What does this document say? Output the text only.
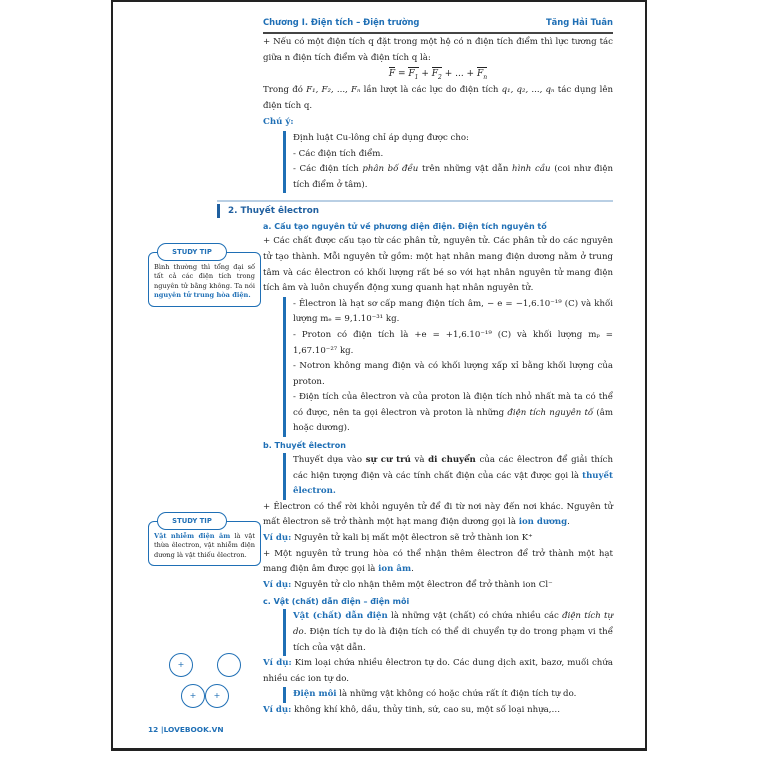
Chương I. Điện tích – Điện trường	Tăng Hải Tuân

+ Nếu có một điện tích q đặt trong một hệ có n điện tích điểm thì lực tương tác giữa n điện tích điểm và điện tích q là:

$F = F_1 + F_2$ + ... + $F_n$

Trong đó F₁, F₂, ..., Fₙ lần lượt là các lực do điện tích q₁, q₂, ..., qₙ tác dụng lên điện tích q.

Chú ý:

Định luật Cu-lông chỉ áp dụng được cho:

- Các điện tích điểm.

- Các điện tích phân bố đều trên những vật dẫn hình cầu (coi như điện tích điểm ở tâm).

2. Thuyết êlectron

a. Cấu tạo nguyên tử về phương diện điện. Điện tích nguyên tố

+ Các chất được cấu tạo từ các phân tử, nguyên tử. Các phân tử do các nguyên tử tạo thành. Mỗi nguyên tử gồm: một hạt nhân mang điện dương nằm ở trung tâm và các êlectron có khối lượng rất bé so với hạt nhân nguyên tử mang điện tích âm và luôn chuyển động xung quanh hạt nhân nguyên tử.

- Êlectron là hạt sơ cấp mang điện tích âm, − e = −1,6.10⁻¹⁹ (C) và khối lượng mₑ = 9,1.10⁻³¹ kg.

- Proton có điện tích là +e = +1,6.10⁻¹⁹ (C) và khối lượng mₚ = 1,67.10⁻²⁷ kg.

- Notron không mang điện và có khối lượng xấp xỉ bằng khối lượng của proton.

- Điện tích của êlectron và của proton là điện tích nhỏ nhất mà ta có thể có được, nên ta gọi êlectron và proton là những điện tích nguyên tố (âm hoặc dương).

b. Thuyết êlectron

Thuyết dựa vào sự cư trú và di chuyển của các êlectron để giải thích các hiện tượng điện và các tính chất điện của các vật được gọi là thuyết êlectron.

+ Êlectron có thể rời khỏi nguyên tử để đi từ nơi này đến nơi khác. Nguyên tử mất êlectron sẽ trở thành một hạt mang điện dương gọi là ion dương.

Ví dụ: Nguyên tử kali bị mất một êlectron sẽ trở thành ion K⁺

+ Một nguyên tử trung hòa có thể nhận thêm êlectron để trở thành một hạt mang điện âm được gọi là ion âm.

Ví dụ: Nguyên tử clo nhận thêm một êlectron để trở thành ion Cl⁻

c. Vật (chất) dẫn điện – điện môi

Vật (chất) dẫn điện là những vật (chất) có chứa nhiều các điện tích tự do. Điện tích tự do là điện tích có thể di chuyển tự do trong phạm vi thể tích của vật dẫn.

Ví dụ: Kim loại chứa nhiều êlectron tự do. Các dung dịch axit, bazơ, muối chứa nhiều các ion tự do.

Điện môi là những vật không có hoặc chứa rất ít điện tích tự do.

Ví dụ: không khí khô, dầu, thủy tinh, sứ, cao su, một số loại nhựa,…

STUDY TIP
Bình thường thì tổng đại số tất cả các điện tích trong nguyên tử bằng không. Ta nói nguyên tử trung hòa điện.
STUDY TIP
Vật nhiễm điện âm là vật thừa êlectron, vật nhiễm điện dương là vật thiếu êlectron.
+
+	+
12 |LOVEBOOK.VN
